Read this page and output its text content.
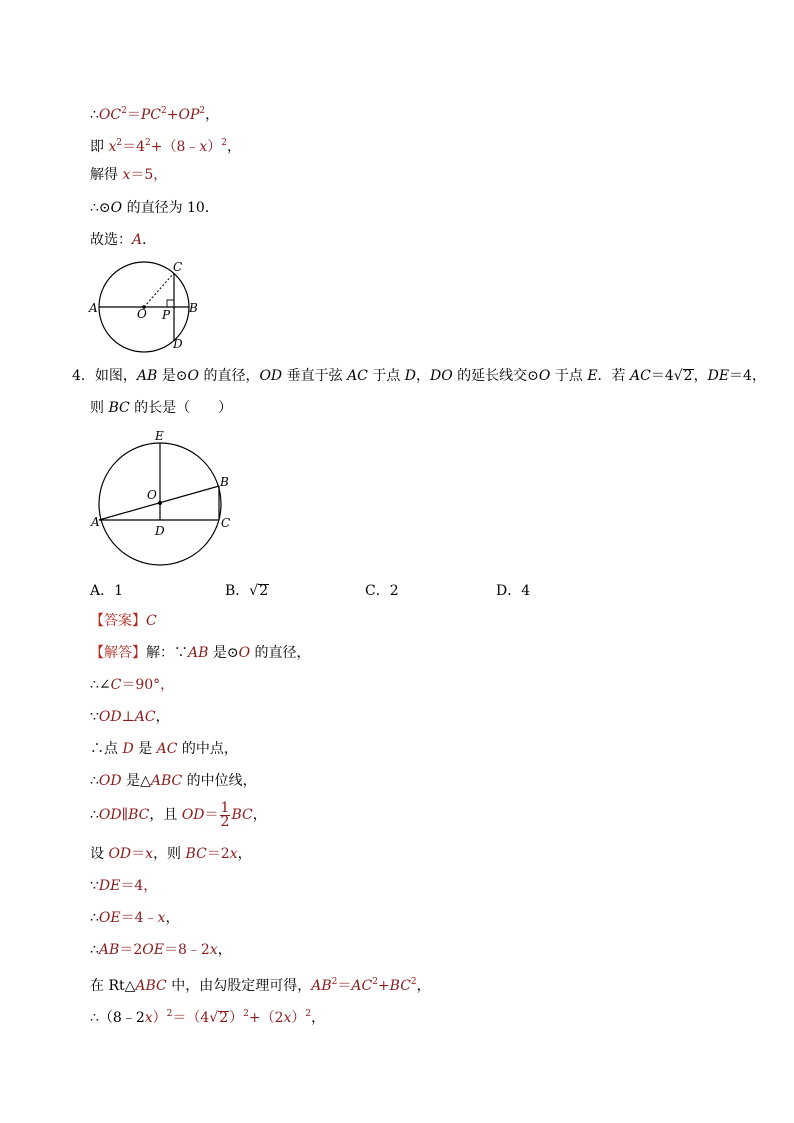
$\therefore OC^2=PC^2+OP^2$，
即 $x^2=4^2+(8﹣x)^2$，
解得 x＝5，
∴⊙O 的直径为 10．
故选：A．
A	O P B
C
D
4．如图，AB 是⊙O 的直径，OD 垂直于弦 AC 于点 D，DO 的延长线交⊙O 于点 E．若 AC＝4√2，DE＝4，
则 BC 的长是（　　）
E
O
B
A
D
C
A．1	B．√2	C．2	D．4
【答案】C
【解答】解：∵AB 是⊙O 的直径，
∴∠C＝90°，
∵OD⊥AC，
∴点 D 是 AC 的中点，
∴OD 是△ABC 的中位线，
∴OD∥BC，且 $OD= \frac{1}{2}$ BC，
设 OD＝x，则 BC＝2x，
∵DE＝4，
∴OE＝4﹣x，
∴AB＝2OE＝8﹣2x，
在 Rt△ABC 中，由勾股定理可得，$AB^2=AC^2+BC^2$，
$\therefore(8﹣2x)^2=(4√2)^2+(2x)^2$，
